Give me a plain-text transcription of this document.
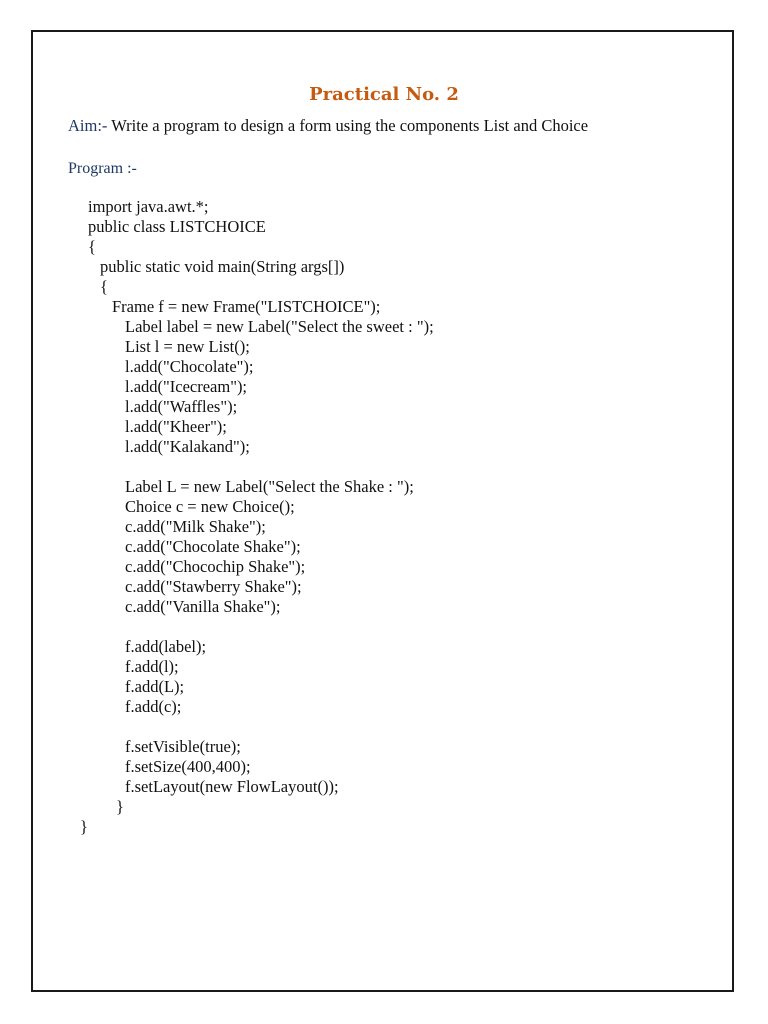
Practical No. 2
Aim:- Write a program to design a form using the components List and Choice
Program :-
import java.awt.*;
public class LISTCHOICE
{
public static void main(String args[])
{
Frame f = new Frame("LISTCHOICE");
Label label = new Label("Select the sweet : ");
List l = new List();
l.add("Chocolate");
l.add("Icecream");
l.add("Waffles");
l.add("Kheer");
l.add("Kalakand");
Label L = new Label("Select the Shake : ");
Choice c = new Choice();
c.add("Milk Shake");
c.add("Chocolate Shake");
c.add("Chocochip Shake");
c.add("Stawberry Shake");
c.add("Vanilla Shake");
f.add(label);
f.add(l);
f.add(L);
f.add(c);
f.setVisible(true);
f.setSize(400,400);
f.setLayout(new FlowLayout());
}
}
